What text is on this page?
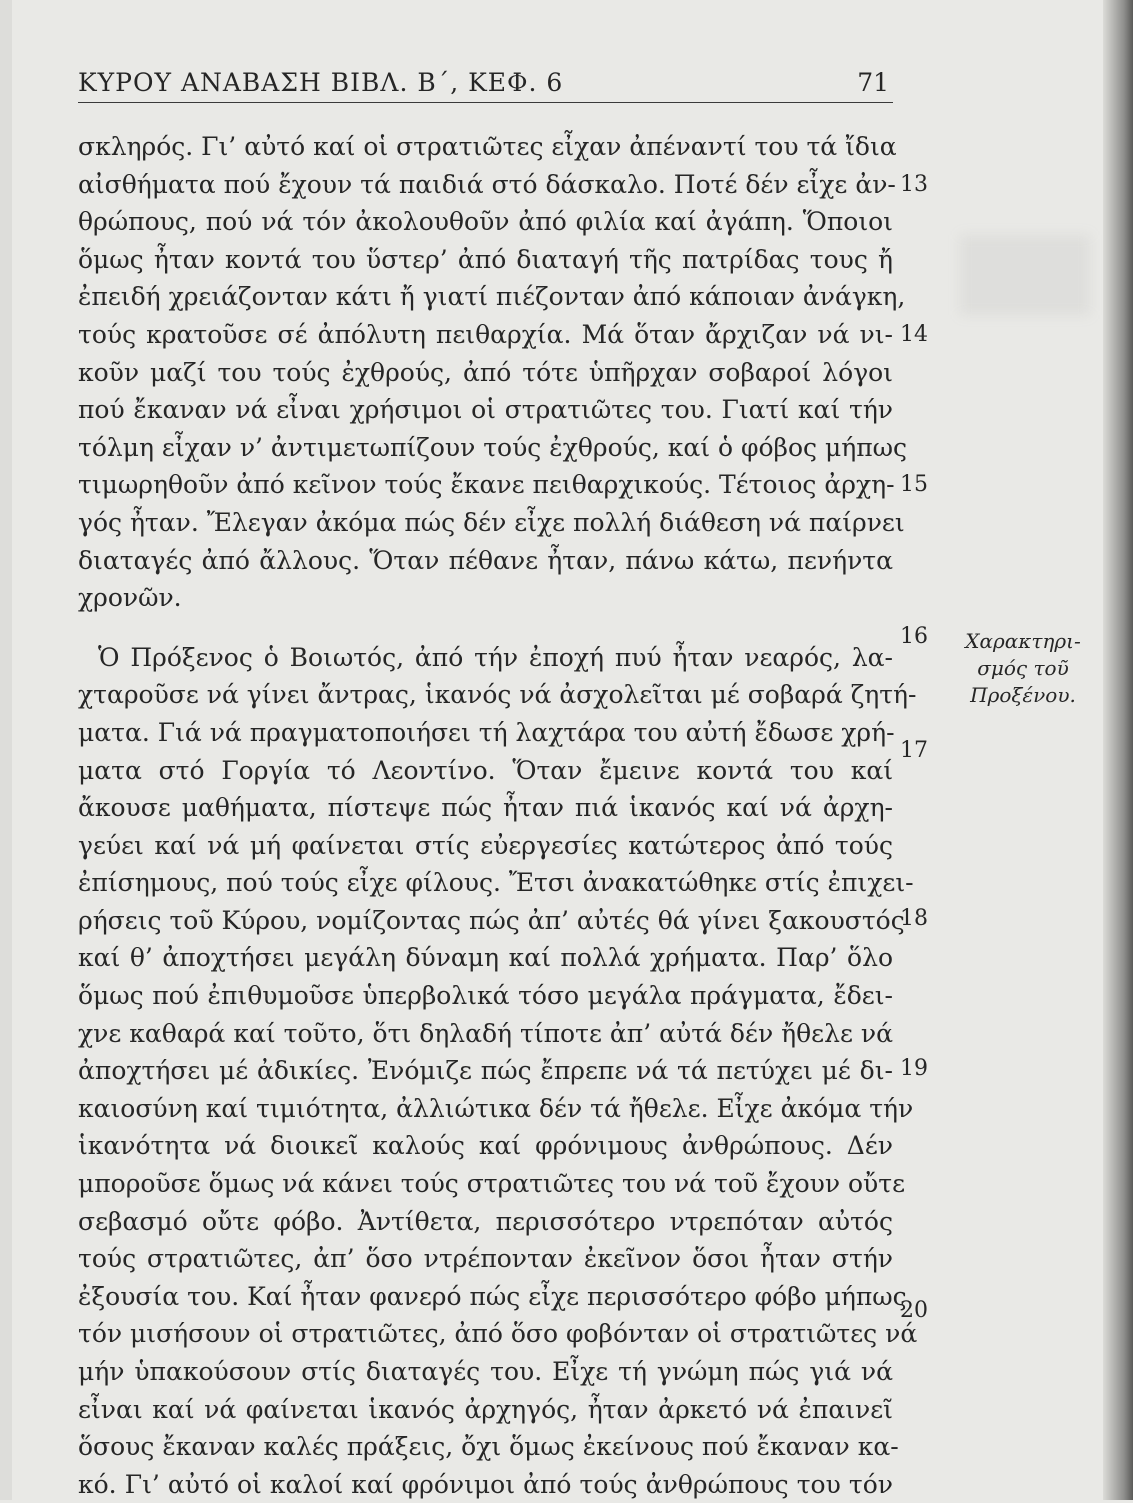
ΚΥΡΟΥ ΑΝΑΒΑΣΗ ΒΙΒΛ. Β΄, ΚΕΦ. 6	71
σκληρός. Γι’ αὐτό καί οἱ στρατιῶτες εἶχαν ἀπέναντί του τά ἴδια
αἰσθήματα πού ἔχουν τά παιδιά στό δάσκαλο. Ποτέ δέν εἶχε ἀν-
θρώπους, πού νά τόν ἀκολουθοῦν ἀπό φιλία καί ἀγάπη. Ὅποιοι
ὅμως ἦταν κοντά του ὕστερ’ ἀπό διαταγή τῆς πατρίδας τους ἤ
ἐπειδή χρειάζονταν κάτι ἤ γιατί πιέζονταν ἀπό κάποιαν ἀνάγκη,
τούς κρατοῦσε σέ ἀπόλυτη πειθαρχία. Μά ὅταν ἄρχιζαν νά νι-
κοῦν μαζί του τούς ἐχθρούς, ἀπό τότε ὑπῆρχαν σοβαροί λόγοι
πού ἔκαναν νά εἶναι χρήσιμοι οἱ στρατιῶτες του. Γιατί καί τήν
τόλμη εἶχαν ν’ ἀντιμετωπίζουν τούς ἐχθρούς, καί ὁ φόβος μήπως
τιμωρηθοῦν ἀπό κεῖνον τούς ἔκανε πειθαρχικούς. Τέτοιος ἀρχη-
γός ἦταν. Ἔλεγαν ἀκόμα πώς δέν εἶχε πολλή διάθεση νά παίρνει
διαταγές ἀπό ἄλλους. Ὅταν πέθανε ἦταν, πάνω κάτω, πενήντα
χρονῶν.
Ὁ Πρόξενος ὁ Βοιωτός, ἀπό τήν ἐποχή πυύ ἦταν νεαρός, λα-
χταροῦσε νά γίνει ἄντρας, ἱκανός νά ἀσχολεῖται μέ σοβαρά ζητή-
ματα. Γιά νά πραγματοποιήσει τή λαχτάρα του αὐτή ἔδωσε χρή-
ματα στό Γοργία τό Λεοντίνο. Ὅταν ἔμεινε κοντά του καί
ἄκουσε μαθήματα, πίστεψε πώς ἦταν πιά ἱκανός καί νά ἀρχη-
γεύει καί νά μή φαίνεται στίς εὐεργεσίες κατώτερος ἀπό τούς
ἐπίσημους, πού τούς εἶχε φίλους. Ἔτσι ἀνακατώθηκε στίς ἐπιχει-
ρήσεις τοῦ Κύρου, νομίζοντας πώς ἀπ’ αὐτές θά γίνει ξακουστός
καί θ’ ἀποχτήσει μεγάλη δύναμη καί πολλά χρήματα. Παρ’ ὅλο
ὅμως πού ἐπιθυμοῦσε ὑπερβολικά τόσο μεγάλα πράγματα, ἔδει-
χνε καθαρά καί τοῦτο, ὅτι δηλαδή τίποτε ἀπ’ αὐτά δέν ἤθελε νά
ἀποχτήσει μέ ἀδικίες. Ἐνόμιζε πώς ἔπρεπε νά τά πετύχει μέ δι-
καιοσύνη καί τιμιότητα, ἀλλιώτικα δέν τά ἤθελε. Εἶχε ἀκόμα τήν
ἱκανότητα νά διοικεῖ καλούς καί φρόνιμους ἀνθρώπους. Δέν
μποροῦσε ὅμως νά κάνει τούς στρατιῶτες του νά τοῦ ἔχουν οὔτε
σεβασμό οὔτε φόβο. Ἀντίθετα, περισσότερο ντρεπόταν αὐτός
τούς στρατιῶτες, ἀπ’ ὅσο ντρέπονταν ἐκεῖνον ὅσοι ἦταν στήν
ἐξουσία του. Καί ἦταν φανερό πώς εἶχε περισσότερο φόβο μήπως
τόν μισήσουν οἱ στρατιῶτες, ἀπό ὅσο φοβόνταν οἱ στρατιῶτες νά
μήν ὑπακούσουν στίς διαταγές του. Εἶχε τή γνώμη πώς γιά νά
εἶναι καί νά φαίνεται ἱκανός ἀρχηγός, ἦταν ἀρκετό νά ἐπαινεῖ
ὅσους ἔκαναν καλές πράξεις, ὄχι ὅμως ἐκείνους πού ἔκαναν κα-
κό. Γι’ αὐτό οἱ καλοί καί φρόνιμοι ἀπό τούς ἀνθρώπους του τόν
13
14
15
16
17
18
19
20
Χαρακτηρι-
σμός τοῦ
Προξένου.
